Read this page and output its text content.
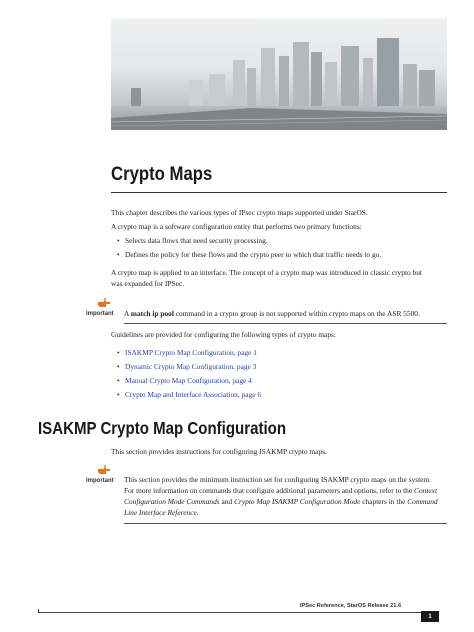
Crypto Maps
This chapter describes the various types of IPsec crypto maps supported under StarOS.
A crypto map is a software configuration entity that performs two primary functions:
• Selects data flows that need security processing.
• Defines the policy for these flows and the crypto peer to which that traffic needs to go.
A crypto map is applied to an interface. The concept of a crypto map was introduced in classic crypto but
was expanded for IPSec.
Important A match ip pool command in a crypto group is not supported within crypto maps on the ASR 5500.
Guidelines are provided for configuring the following types of crypto maps:
• ISAKMP Crypto Map Configuration, page 1
• Dynamic Crypto Map Configuration, page 3
• Manual Crypto Map Configuration, page 4
• Crypto Map and Interface Association, page 6
ISAKMP Crypto Map Configuration
This section provides instructions for configuring ISAKMP crypto maps.
Important This section provides the minimum instruction set for configuring ISAKMP crypto maps on the system.
For more information on commands that configure additional parameters and options, refer to the Context
Configuration Mode Commands and Crypto Map ISAKMP Configuration Mode chapters in the Command
Line Interface Reference.
IPSec Reference, StarOS Release 21.6
1
